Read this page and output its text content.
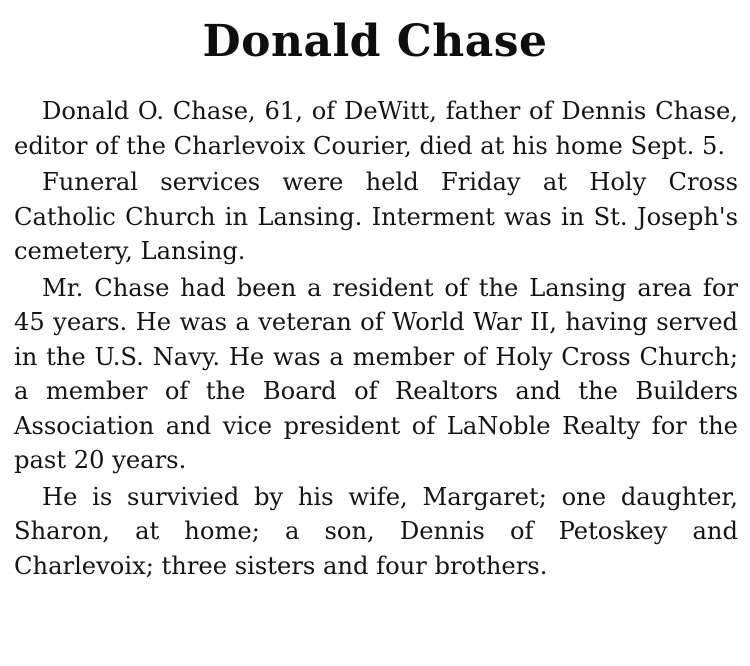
Donald Chase

Donald O. Chase, 61, of DeWitt, father of Dennis Chase, editor of the Charlevoix Courier, died at his home Sept. 5.

Funeral services were held Friday at Holy Cross Catholic Church in Lansing. Interment was in St. Joseph's cemetery, Lansing.

Mr. Chase had been a resident of the Lansing area for 45 years. He was a veteran of World War II, having served in the U.S. Navy. He was a member of Holy Cross Church; a member of the Board of Realtors and the Builders Association and vice president of LaNoble Realty for the past 20 years.

He is survivied by his wife, Margaret; one daughter, Sharon, at home; a son, Dennis of Petoskey and Charlevoix; three sisters and four brothers.
